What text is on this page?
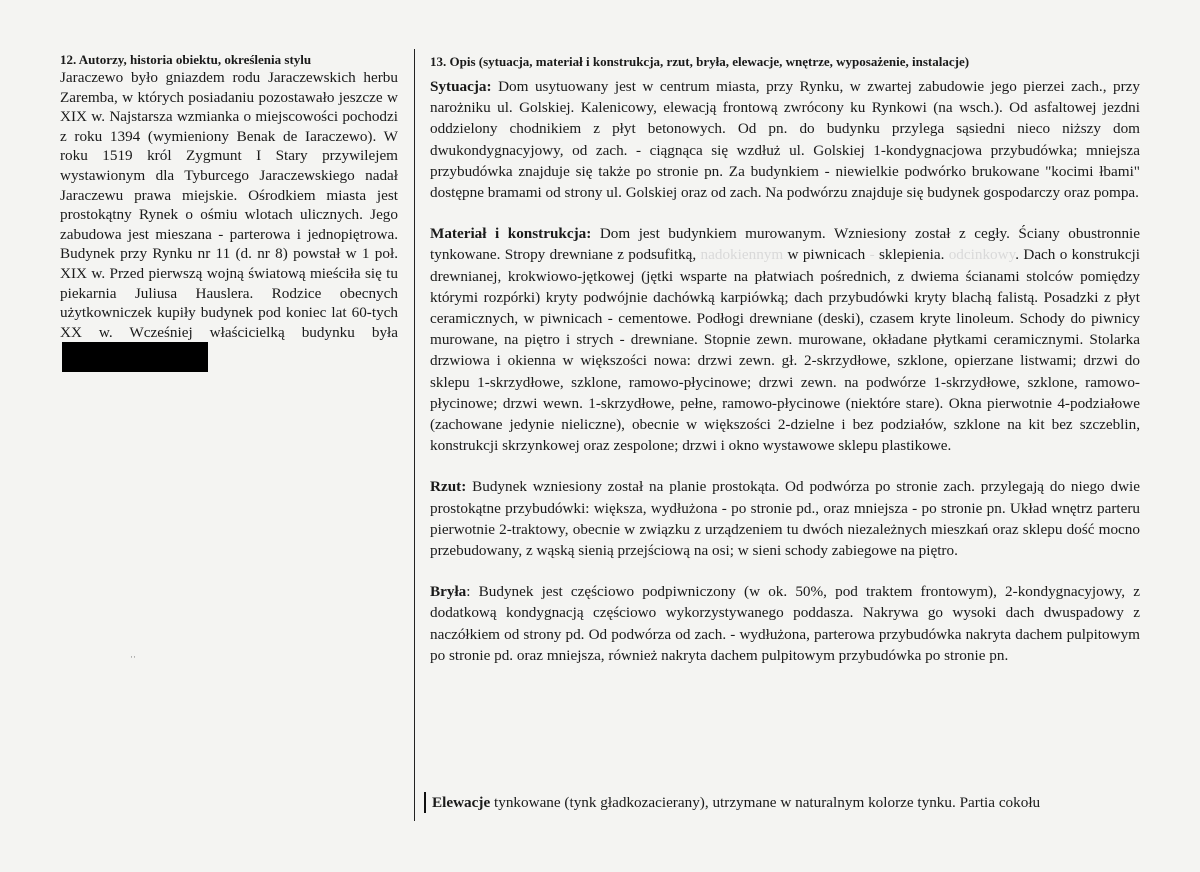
12. Autorzy, historia obiektu, określenia stylu

Jaraczewo było gniazdem rodu Jaraczewskich herbu Zaremba, w których posiadaniu pozostawało jeszcze w XIX w. Najstarsza wzmianka o miejscowości pochodzi z roku 1394 (wymieniony Benak de Iaraczewo). W roku 1519 król Zygmunt I Stary przywilejem wystawionym dla Tyburcego Jaraczewskiego nadał Jaraczewu prawa miejskie. Ośrodkiem miasta jest prostokątny Rynek o ośmiu wlotach ulicznych. Jego zabudowa jest mieszana - parterowa i jednopiętrowa. Budynek przy Rynku nr 11 (d. nr 8) powstał w 1 poł. XIX w. Przed pierwszą wojną światową mieściła się tu piekarnia Juliusa Hauslera. Rodzice obecnych użytkowniczek kupiły budynek pod koniec lat 60-tych XX w. Wcześniej właścicielką budynku była

13. Opis (sytuacja, materiał i konstrukcja, rzut, bryła, elewacje, wnętrze, wyposażenie, instalacje)

Sytuacja: Dom usytuowany jest w centrum miasta, przy Rynku, w zwartej zabudowie jego pierzei zach., przy narożniku ul. Golskiej. Kalenicowy, elewacją frontową zwrócony ku Rynkowi (na wsch.). Od asfaltowej jezdni oddzielony chodnikiem z płyt betonowych. Od pn. do budynku przylega sąsiedni nieco niższy dom dwukondygnacyjowy, od zach. - ciągnąca się wzdłuż ul. Golskiej 1-kondygnacjowa przybudówka; mniejsza przybudówka znajduje się także po stronie pn. Za budynkiem - niewielkie podwórko brukowane "kocimi łbami" dostępne bramami od strony ul. Golskiej oraz od zach. Na podwórzu znajduje się budynek gospodarczy oraz pompa.

Materiał i konstrukcja: Dom jest budynkiem murowanym. Wzniesiony został z cegły. Ściany obustronnie tynkowane. Stropy drewniane z podsufitką, nadokiennym w piwnicach - sklepienia. odcinkowy. Dach o konstrukcji drewnianej, krokwiowo-jętkowej (jętki wsparte na płatwiach pośrednich, z dwiema ścianami stolców pomiędzy którymi rozpórki) kryty podwójnie dachówką karpiówką; dach przybudówki kryty blachą falistą. Posadzki z płyt ceramicznych, w piwnicach - cementowe. Podłogi drewniane (deski), czasem kryte linoleum. Schody do piwnicy murowane, na piętro i strych - drewniane. Stopnie zewn. murowane, okładane płytkami ceramicznymi. Stolarka drzwiowa i okienna w większości nowa: drzwi zewn. gł. 2-skrzydłowe, szklone, opierzane listwami; drzwi do sklepu 1-skrzydłowe, szklone, ramowo-płycinowe; drzwi zewn. na podwórze 1-skrzydłowe, szklone, ramowo-płycinowe; drzwi wewn. 1-skrzydłowe, pełne, ramowo-płycinowe (niektóre stare). Okna pierwotnie 4-podziałowe (zachowane jedynie nieliczne), obecnie w większości 2-dzielne i bez podziałów, szklone na kit bez szczeblin, konstrukcji skrzynkowej oraz zespolone; drzwi i okno wystawowe sklepu plastikowe.

Rzut: Budynek wzniesiony został na planie prostokąta. Od podwórza po stronie zach. przylegają do niego dwie prostokątne przybudówki: większa, wydłużona - po stronie pd., oraz mniejsza - po stronie pn. Układ wnętrz parteru pierwotnie 2-traktowy, obecnie w związku z urządzeniem tu dwóch niezależnych mieszkań oraz sklepu dość mocno przebudowany, z wąską sienią przejściową na osi; w sieni schody zabiegowe na piętro.

Bryła: Budynek jest częściowo podpiwniczony (w ok. 50%, pod traktem frontowym), 2-kondygnacyjowy, z dodatkową kondygnacją częściowo wykorzystywanego poddasza. Nakrywa go wysoki dach dwuspadowy z naczółkiem od strony pd. Od podwórza od zach. - wydłużona, parterowa przybudówka nakryta dachem pulpitowym po stronie pd. oraz mniejsza, również nakryta dachem pulpitowym przybudówka po stronie pn.

Elewacje tynkowane (tynk gładkozacierany), utrzymane w naturalnym kolorze tynku. Partia cokołu

··
